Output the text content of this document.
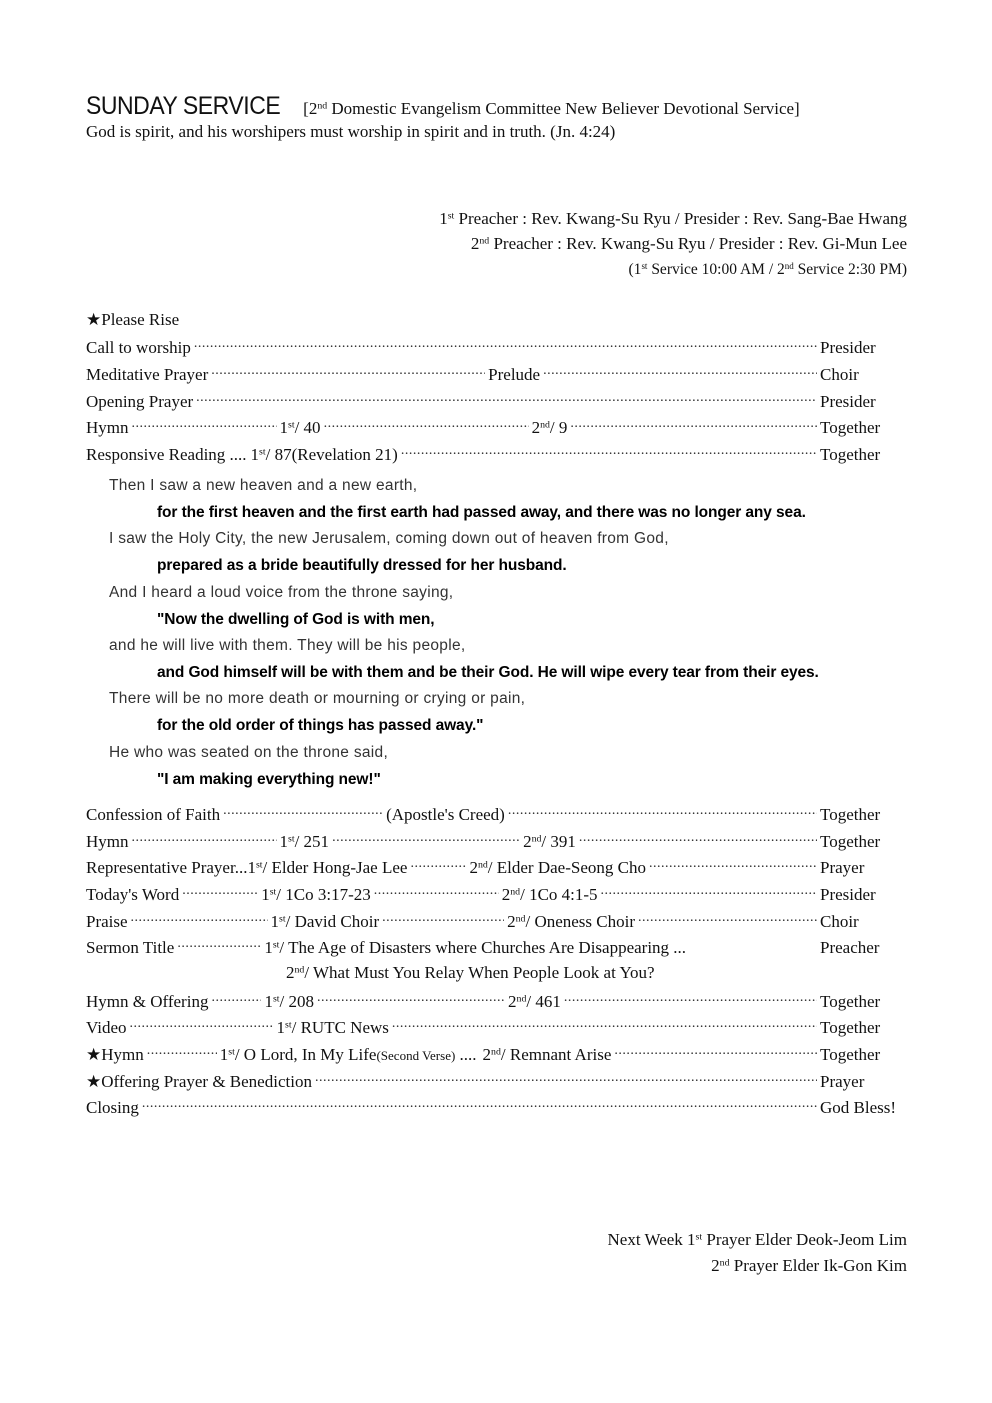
SUNDAY SERVICE [2nd Domestic Evangelism Committee New Believer Devotional Service]
God is spirit, and his worshipers must worship in spirit and in truth. (Jn. 4:24)
1st Preacher : Rev. Kwang-Su Ryu / Presider : Rev. Sang-Bae Hwang
2nd Preacher : Rev. Kwang-Su Ryu / Presider : Rev. Gi-Mun Lee
(1st Service 10:00 AM / 2nd Service 2:30 PM)
★Please Rise
Call to worship .....	Presider
Meditative Prayer .....	Prelude .....	Choir
Opening Prayer .....	Presider
Hymn .....	1st/ 40 .....	2nd/ 9 .....	Together
Responsive Reading .... 1st/ 87(Revelation 21) .....	Together
Then I saw a new heaven and a new earth,
for the first heaven and the first earth had passed away, and there was no longer any sea.
I saw the Holy City, the new Jerusalem, coming down out of heaven from God,
prepared as a bride beautifully dressed for her husband.
And I heard a loud voice from the throne saying,
"Now the dwelling of God is with men,
and he will live with them. They will be his people,
and God himself will be with them and be their God. He will wipe every tear from their eyes.
There will be no more death or mourning or crying or pain,
for the old order of things has passed away."
He who was seated on the throne said,
"I am making everything new!"
Confession of Faith .....	(Apostle's Creed) .....	Together
Hymn .....	1st/ 251 .....	2nd/ 391 .....	Together
Representative Prayer... 1st/ Elder Hong-Jae Lee .....	2nd/ Elder Dae-Seong Cho .....	Prayer
Today's Word .....	1st/ 1Co 3:17-23 .....	2nd/ 1Co 4:1-5 .....	Presider
Praise .....	1st/ David Choir .....	2nd/ Oneness Choir .....	Choir
Sermon Title .....	1st/ The Age of Disasters where Churches Are Disappearing ...	Preacher
2nd/ What Must You Relay When People Look at You?
Hymn & Offering .....	1st/ 208 .....	2nd/ 461 .....	Together
Video .....	1st/ RUTC News .....	Together
★Hymn .....	1st/ O Lord, In My Life(Second Verse) .... 2nd/ Remnant Arise .....	Together
★Offering Prayer & Benediction .....	Prayer
Closing .....	God Bless!
Next Week 1st Prayer Elder Deok-Jeom Lim
2nd Prayer Elder Ik-Gon Kim
